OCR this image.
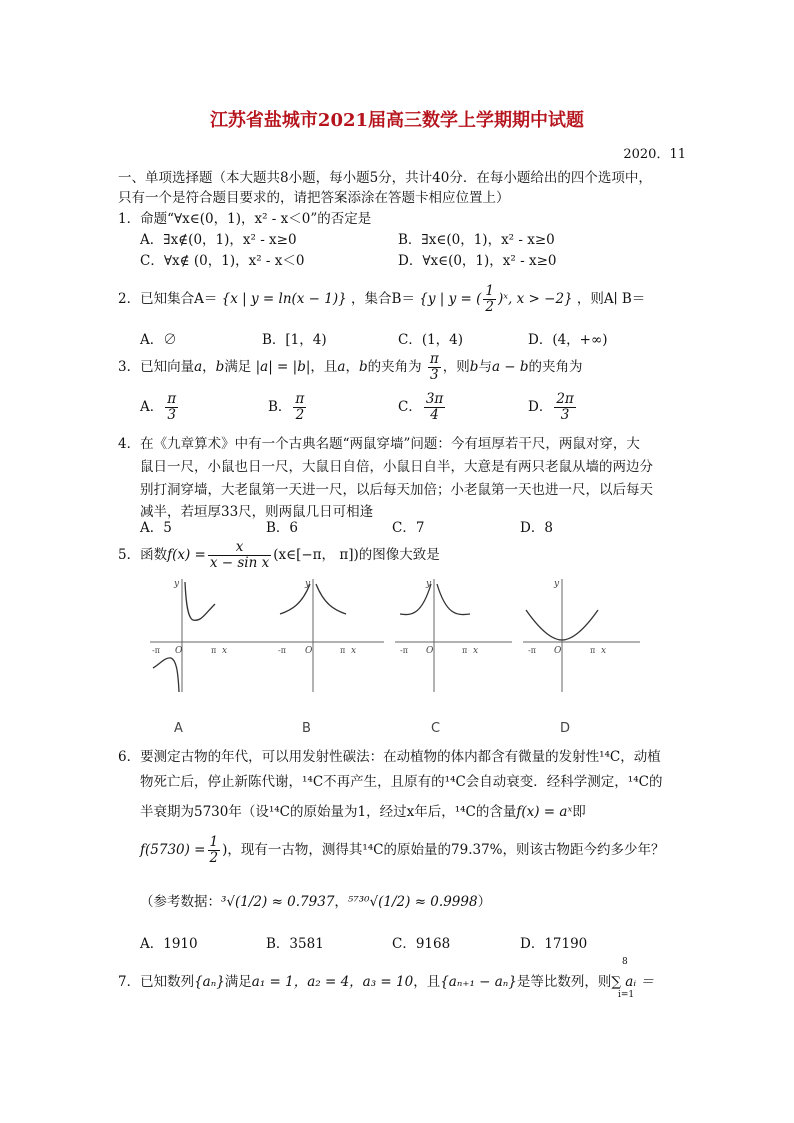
江苏省盐城市2021届高三数学上学期期中试题
2020．11
一、单项选择题（本大题共8小题，每小题5分，共计40分．在每小题给出的四个选项中，
只有一个是符合题目要求的，请把答案添涂在答题卡相应位置上）
1．命题“∀x∈(0，1)，x² - x＜0”的否定是
A．∃x∉(0，1)，x² - x≥0	B．∃x∈(0，1)，x² - x≥0
C．∀x∉ (0，1)，x² - x＜0	D．∀x∈(0，1)，x² - x≥0
2．已知集合A＝ {x | y = ln(x − 1)} ，集合B＝ {y | y = ( $\frac{1}{2}$ )ˣ, x > −2} ，则A∣ B＝
A．∅	B．[1，4)	C．(1，4)	D．(4，+∞)
3．已知向量a，b满足 |a| = |b|，且a，b的夹角为 $\frac{\pi}{3}$ ，则b与a − b的夹角为
A． $\frac{\pi}{3}$	B． $\frac{\pi}{2}$	C． $\frac{3\pi}{4}$	D． $\frac{2\pi}{3}$
4．在《九章算术》中有一个古典名题“两鼠穿墙”问题：今有垣厚若干尺，两鼠对穿，大
鼠日一尺，小鼠也日一尺，大鼠日自倍，小鼠日自半，大意是有两只老鼠从墙的两边分
别打洞穿墙，大老鼠第一天进一尺，以后每天加倍；小老鼠第一天也进一尺，以后每天
减半，若垣厚33尺，则两鼠几日可相逢
A．5	B．6	C．7	D．8
5．函数$f(x) = \frac{x}{\text{x − sin x}}$ (x∈[−π， π])的图像大致是
y
-π O	π x
A
y
-π O	π x
B
y
-π O	π x
C
y
-π O	π x
D
6．要测定古物的年代，可以用发射性碳法：在动植物的体内都含有微量的发射性¹⁴C，动植
物死亡后，停止新陈代谢，¹⁴C不再产生，且原有的¹⁴C会自动衰变．经科学测定，¹⁴C的
半衰期为5730年（设¹⁴C的原始量为1，经过x年后，¹⁴C的含量f(x) = aˣ即
$f(5730) = \frac{1}{2}$ )，现有一古物，测得其¹⁴C的原始量的79.37%，则该古物距今约多少年？
（参考数据：³√(1/2) ≈ 0.7937，⁵⁷³⁰√(1/2) ≈ 0.9998）
A．1910	B．3581	C．9168	D．17190
7．已知数列{aₙ}满足a₁ = 1，a₂ = 4，a₃ = 10，且{aₙ₊₁ − aₙ}是等比数列，则∑ aᵢ ＝
8
i=1
